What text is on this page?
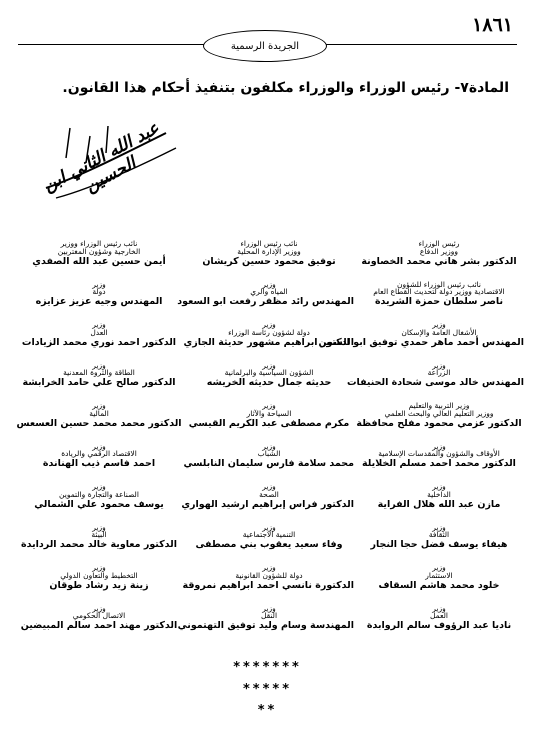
١٨٦١
الجريدة الرسمية
المادة٧- رئيس الوزراء والوزراء مكلفون بتنفيذ أحكام هذا القانون.
عبد الله الثاني ابن الحسين
رئيس الوزراء
ووزير الدفاع
الدكتور بشر هاني محمد الخصاونة
نائب رئيس الوزراء
ووزير الإدارة المحلية
توفيق محمود حسين كريشان
نائب رئيس الوزراء ووزير
الخارجية وشؤون المغتربين
أيمن حسين عبد الله الصفدي
نائب رئيس الوزراء للشؤون
الاقتصادية ووزير دولة لتحديث القطاع العام
ناصر سلطان حمزة الشريدة
وزير
المياه والري
المهندس رائد مظفر رفعت ابو السعود
وزير
دولة
المهندس وجيه عزيز عزايزه
وزير
الأشغال العامة والإسكان
المهندس أحمد ماهر حمدي توفيق ابو السمن
وزير
دولة لشؤون رئاسة الوزراء
الدكتور ابراهيم مشهور حديثة الجازي
وزير
العدل
الدكتور احمد نوري محمد الزيادات
وزير
الزراعة
المهندس خالد موسى شحادة الحنيفات
وزير
الشؤون السياسية والبرلمانية
حديثه جمال حديثه الخريشه
وزير
الطاقة والثروة المعدنية
الدكتور صالح علي حامد الخرابشة
وزير التربية والتعليم
ووزير التعليم العالي والبحث العلمي
الدكتور عزمي محمود مفلح محافظة
وزير
السياحة والآثار
مكرم مصطفى عبد الكريم القيسي
وزير
المالية
الدكتور محمد محمد حسين العسعس
وزير
الأوقاف والشؤون والمقدسات الإسلامية
الدكتور محمد احمد مسلم الخلايلة
وزير
الشباب
محمد سلامة فارس سليمان النابلسي
وزير
الاقتصاد الرقمي والريادة
احمد فاسم ذيب الهناندة
وزير
الداخلية
مازن عبد الله هلال الفراية
وزير
الصحة
الدكتور فراس إبراهيم ارشيد الهواري
وزير
الصناعة والتجارة والتموين
يوسف محمود علي الشمالي
وزير
الثقافة
هيفاء يوسف فضل حجا النجار
وزير
التنمية الاجتماعية
وفاء سعيد يعقوب بني مصطفى
وزير
البيئة
الدكتور معاوية خالد محمد الردايدة
وزير
الاستثمار
خلود محمد هاشم السقاف
وزير
دولة للشؤون القانونية
الدكتورة نانسي احمد ابراهيم نمروقة
وزير
التخطيط والتعاون الدولي
زينة زيد رشاد طوقان
وزير
العمل
ناديا عبد الرؤوف سالم الروابدة
وزير
النقل
المهندسة وسام وليد توفيق التهتموني
وزير
الاتصال الحكومي
الدكتور مهند احمد سالم المبيضين
*******
*****
**
